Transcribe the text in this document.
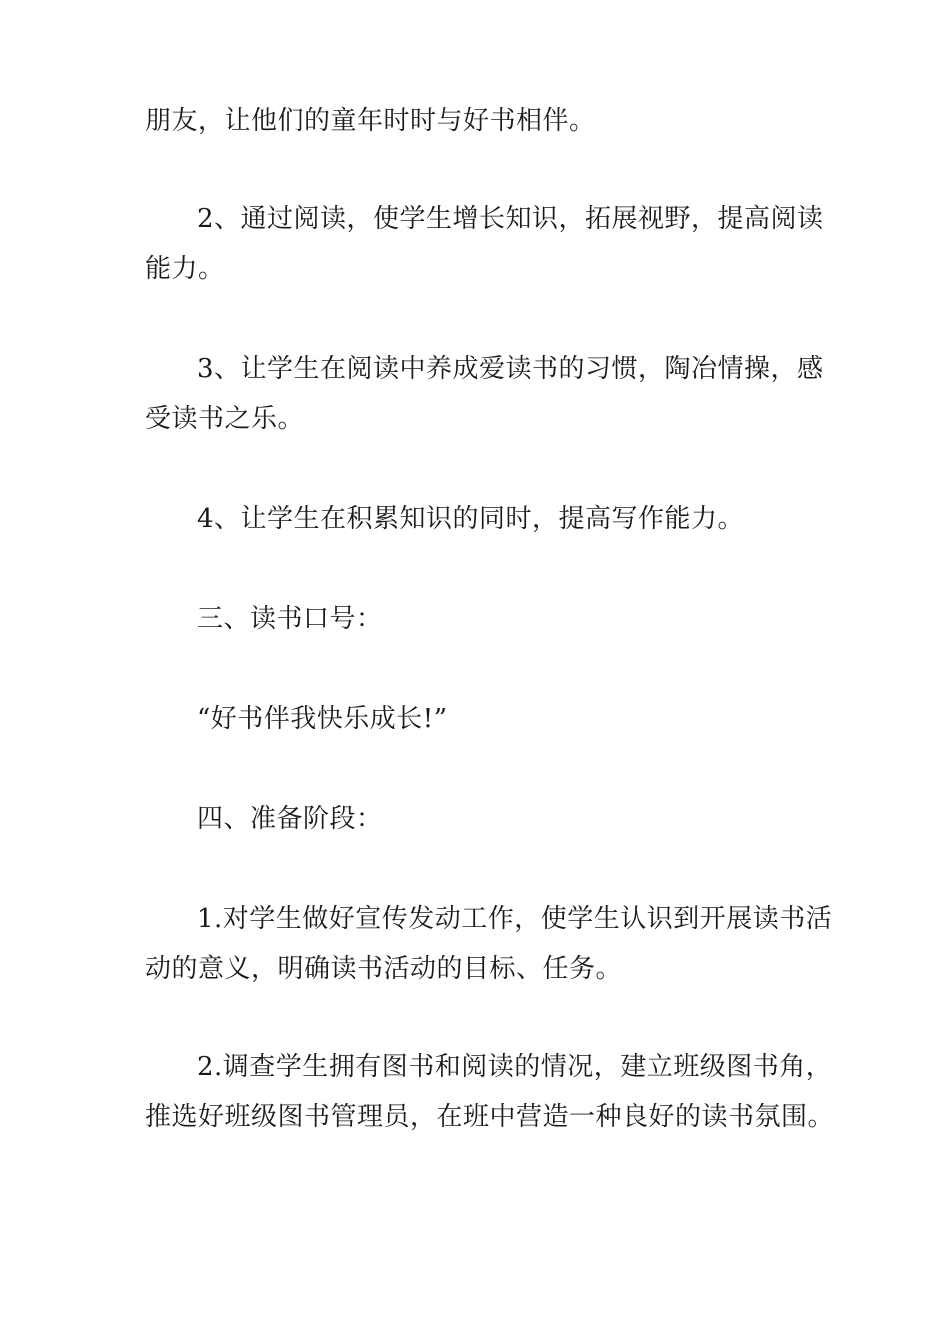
朋友，让他们的童年时时与好书相伴。

2、通过阅读，使学生增长知识，拓展视野，提高阅读
能力。

3、让学生在阅读中养成爱读书的习惯，陶冶情操，感
受读书之乐。

4、让学生在积累知识的同时，提高写作能力。

三、读书口号：

“好书伴我快乐成长!”

四、准备阶段：

1.对学生做好宣传发动工作，使学生认识到开展读书活
动的意义，明确读书活动的目标、任务。

2.调查学生拥有图书和阅读的情况，建立班级图书角，
推选好班级图书管理员，在班中营造一种良好的读书氛围。
